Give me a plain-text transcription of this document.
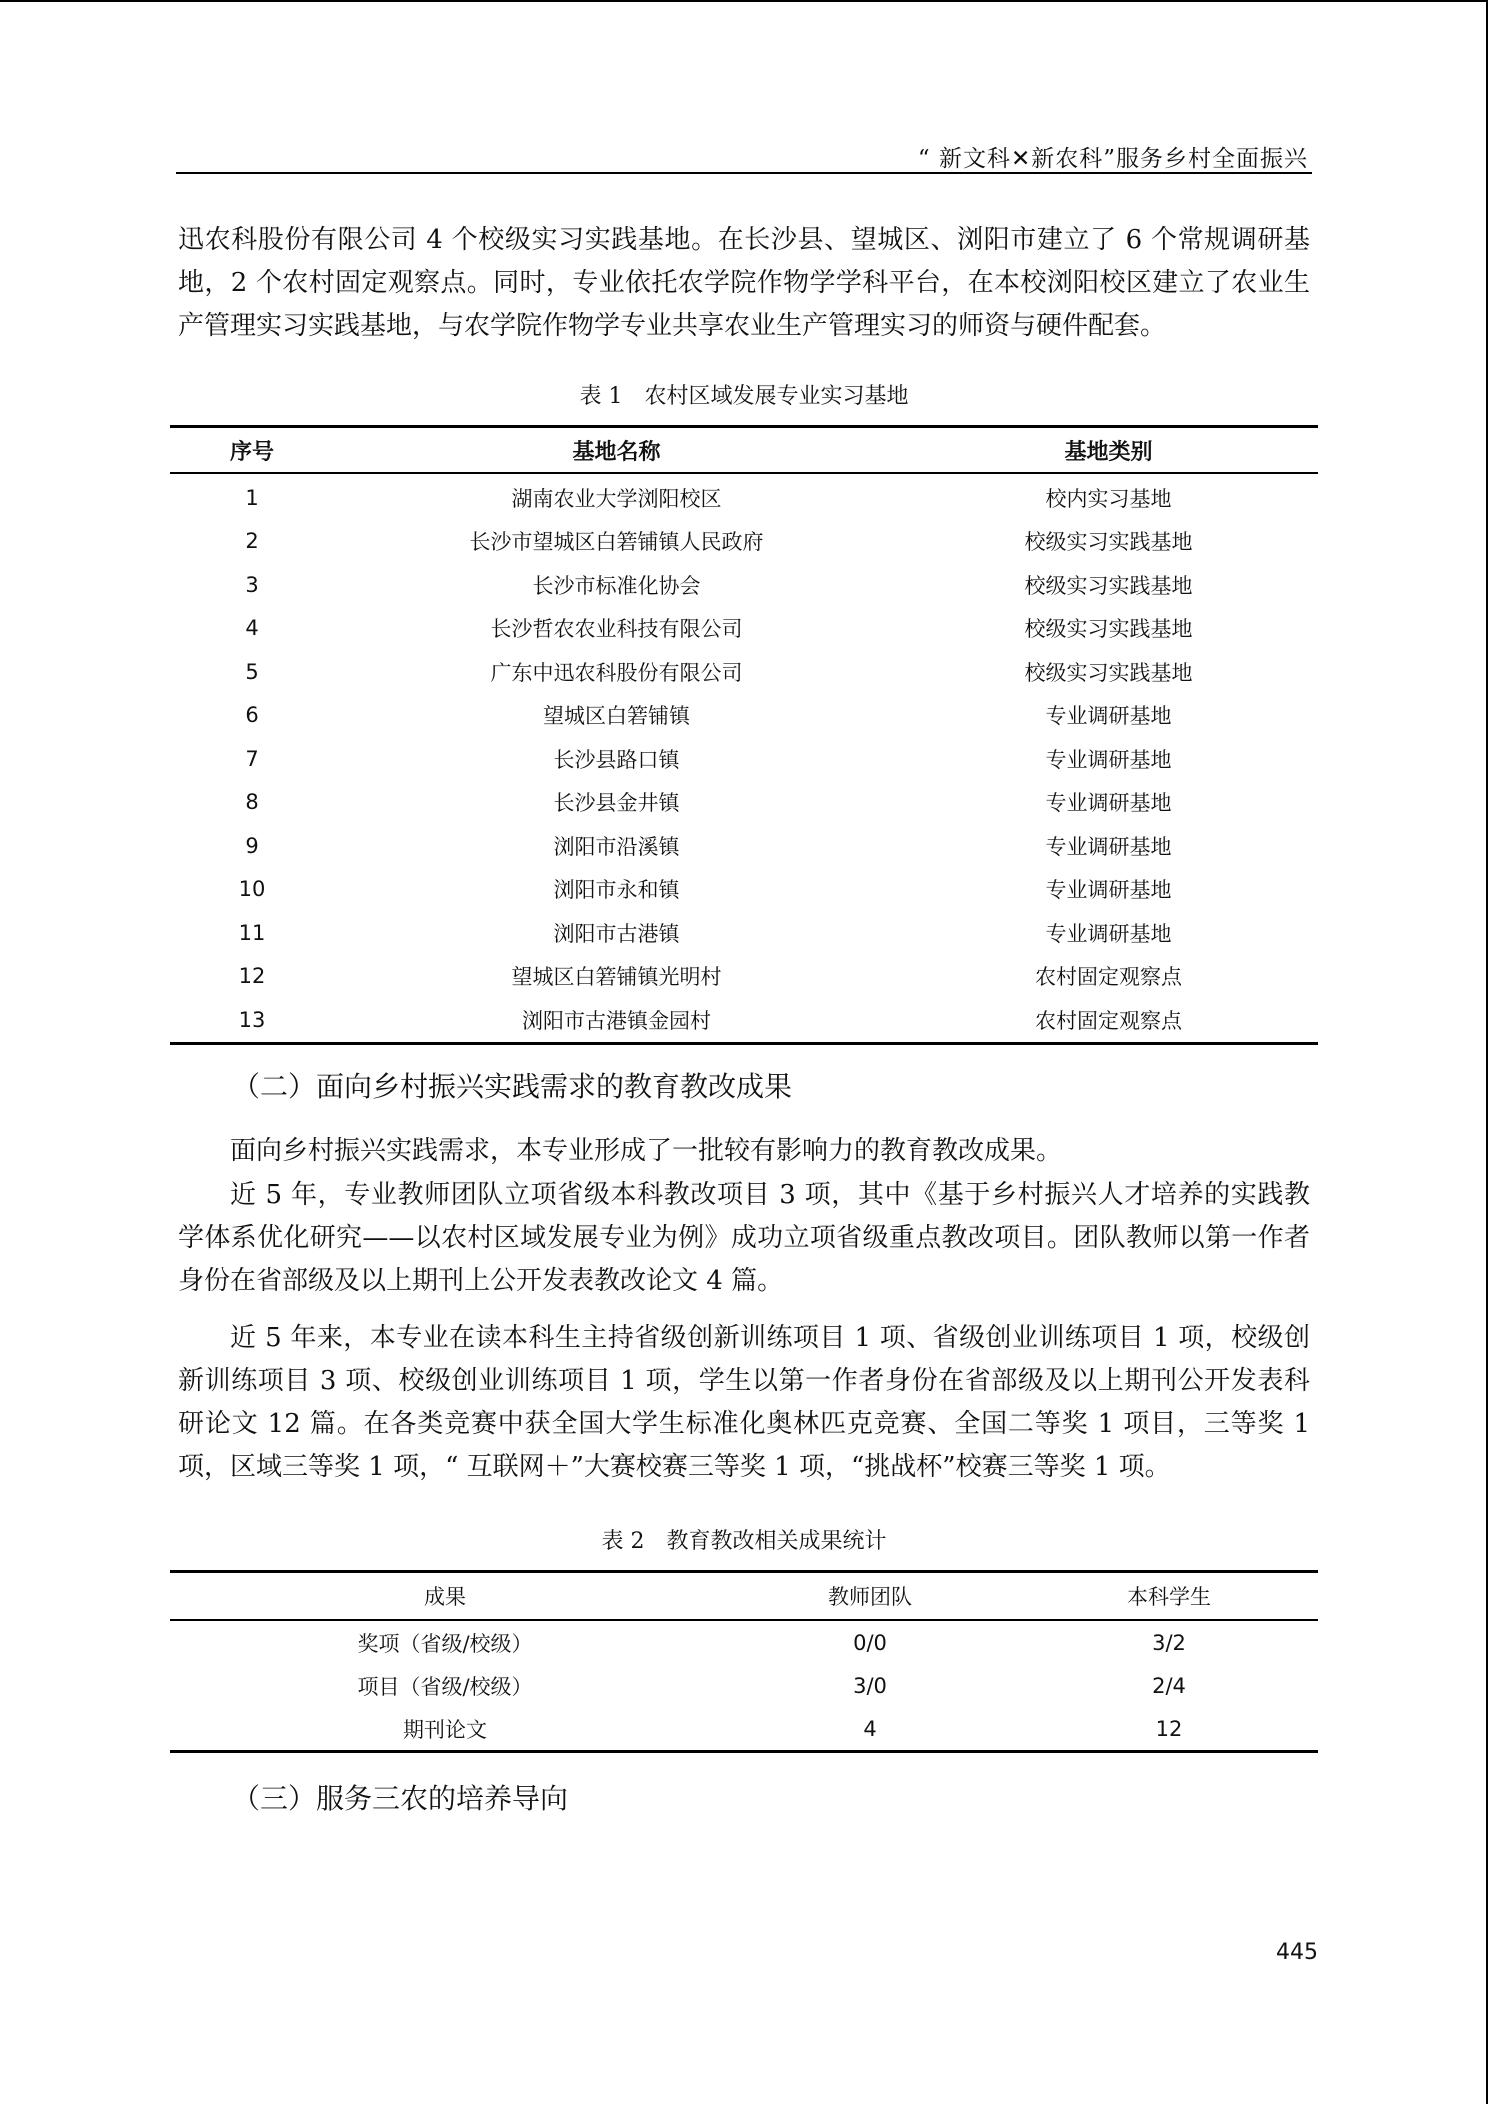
“ 新文科✕新农科”服务乡村全面振兴
迅农科股份有限公司 4 个校级实习实践基地。在长沙县、望城区、浏阳市建立了 6 个常规调研基地，2 个农村固定观察点。同时，专业依托农学院作物学学科平台，在本校浏阳校区建立了农业生产管理实习实践基地，与农学院作物学专业共享农业生产管理实习的师资与硬件配套。
表 1　农村区域发展专业实习基地
序号	基地名称	基地类别
1	湖南农业大学浏阳校区	校内实习基地
2	长沙市望城区白箬铺镇人民政府	校级实习实践基地
3	长沙市标准化协会	校级实习实践基地
4	长沙哲农农业科技有限公司	校级实习实践基地
5	广东中迅农科股份有限公司	校级实习实践基地
6	望城区白箬铺镇	专业调研基地
7	长沙县路口镇	专业调研基地
8	长沙县金井镇	专业调研基地
9	浏阳市沿溪镇	专业调研基地
10	浏阳市永和镇	专业调研基地
11	浏阳市古港镇	专业调研基地
12	望城区白箬铺镇光明村	农村固定观察点
13	浏阳市古港镇金园村	农村固定观察点
（二）面向乡村振兴实践需求的教育教改成果
面向乡村振兴实践需求，本专业形成了一批较有影响力的教育教改成果。
近 5 年，专业教师团队立项省级本科教改项目 3 项，其中《基于乡村振兴人才培养的实践教学体系优化研究——以农村区域发展专业为例》成功立项省级重点教改项目。团队教师以第一作者身份在省部级及以上期刊上公开发表教改论文 4 篇。
近 5 年来，本专业在读本科生主持省级创新训练项目 1 项、省级创业训练项目 1 项，校级创新训练项目 3 项、校级创业训练项目 1 项，学生以第一作者身份在省部级及以上期刊公开发表科研论文 12 篇。在各类竞赛中获全国大学生标准化奥林匹克竞赛、全国二等奖 1 项目，三等奖 1 项，区域三等奖 1 项，“ 互联网＋”大赛校赛三等奖 1 项，“挑战杯”校赛三等奖 1 项。
表 2　教育教改相关成果统计
成果	教师团队	本科学生
奖项（省级/校级）	0/0	3/2
项目（省级/校级）	3/0	2/4
期刊论文	4	12
（三）服务三农的培养导向
445
